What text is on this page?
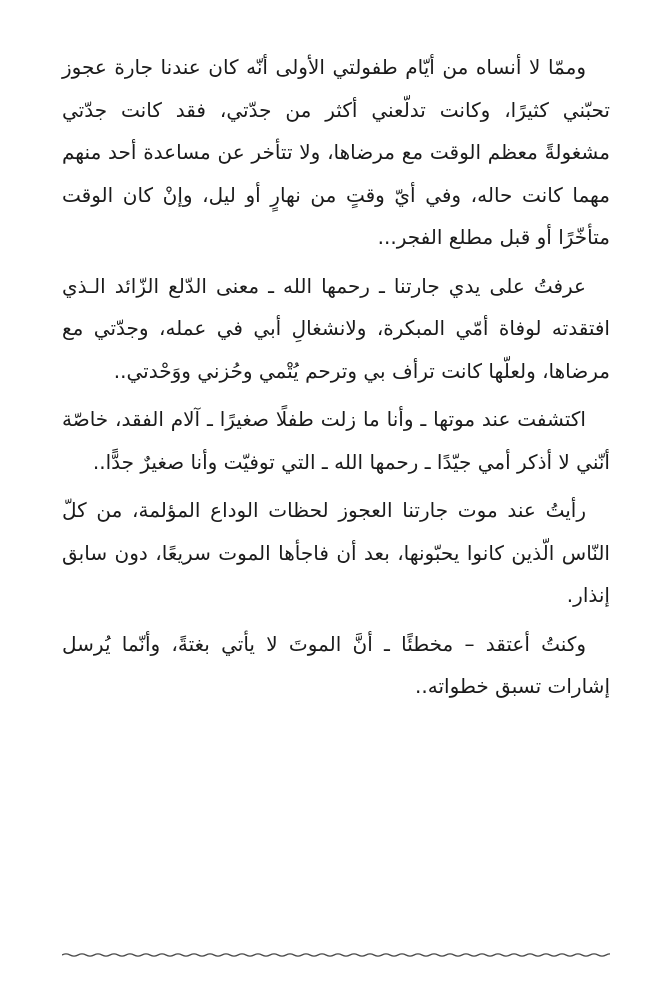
وممّا لا أنساه من أيّام طفولتي الأولى أنّه كان عندنا جارة عجوز تحبّني كثيرًا، وكانت تدلّعني أكثر من جدّتي، فقد كانت جدّتي مشغولةً معظم الوقت مع مرضاها، ولا تتأخر عن مساعدة أحد منهم مهما كانت حاله، وفي أيّ وقتٍ من نهارٍ أو ليل، وإنْ كان الوقت متأخّرًا أو قبل مطلع الفجر...

عرفتُ على يدي جارتنا ـ رحمها الله ـ معنى الدّلع الزّائد الـذي افتقدته لوفاة أمّي المبكرة، ولانشغالِ أبي في عمله، وجدّتي مع مرضاها، ولعلّها كانت ترأف بي وترحم يُتْمي وحُزني ووَحْدتي..

اكتشفت عند موتها ـ وأنا ما زلت طفلًا صغيرًا ـ آلام الفقد، خاصّة أنّني لا أذكر أمي جيّدًا ـ رحمها الله ـ التي توفيّت وأنا صغيرٌ جدًّا..

رأيتُ عند موت جارتنا العجوز لحظات الوداع المؤلمة، من كلّ النّاس الّذين كانوا يحبّونها، بعد أن فاجأها الموت سريعًا، دون سابق إنذار.

وكنتُ أعتقد – مخطئًا ـ أنَّ الموتَ لا يأتي بغتةً، وأنّما يُرسل إشارات تسبق خطواته..
